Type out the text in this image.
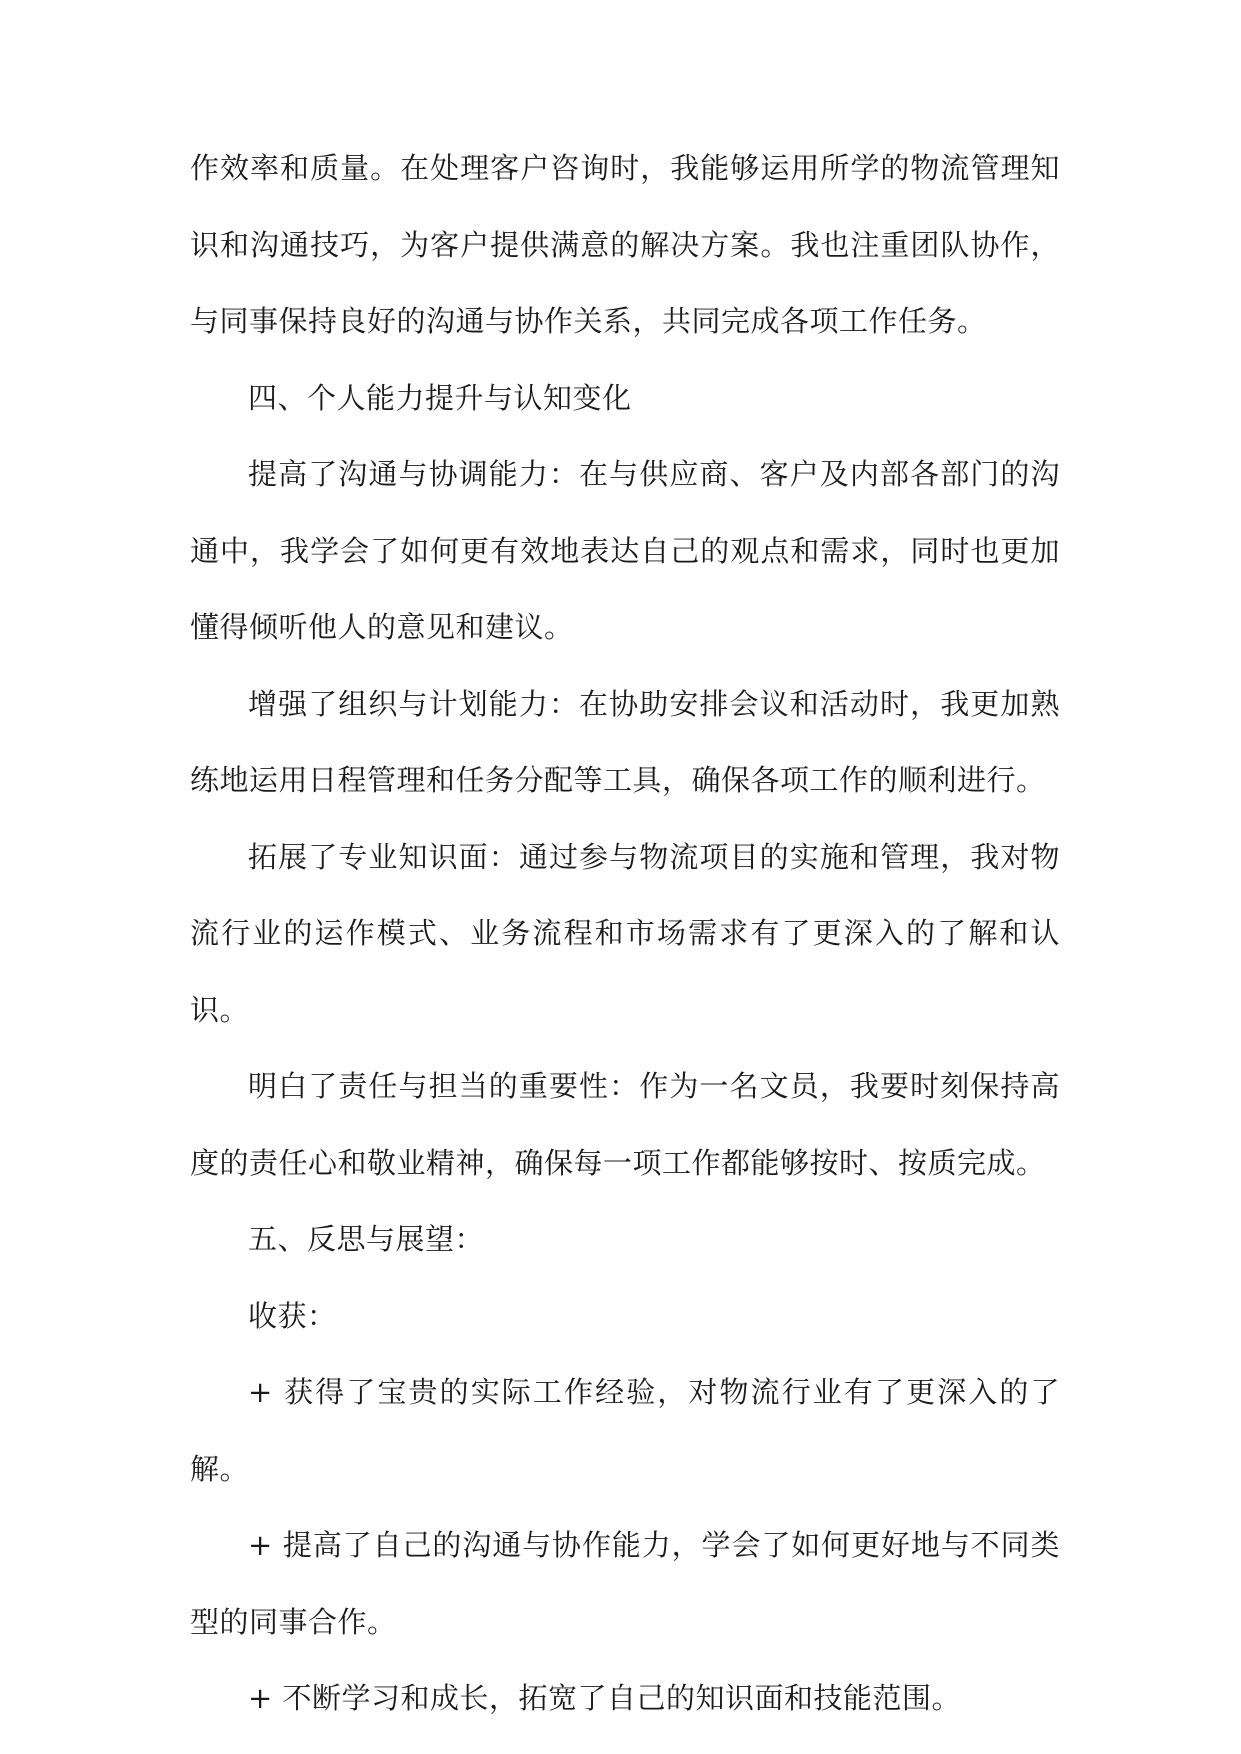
作效率和质量。在处理客户咨询时，我能够运用所学的物流管理知识和沟通技巧，为客户提供满意的解决方案。我也注重团队协作，与同事保持良好的沟通与协作关系，共同完成各项工作任务。

四、个人能力提升与认知变化

提高了沟通与协调能力：在与供应商、客户及内部各部门的沟通中，我学会了如何更有效地表达自己的观点和需求，同时也更加懂得倾听他人的意见和建议。

增强了组织与计划能力：在协助安排会议和活动时，我更加熟练地运用日程管理和任务分配等工具，确保各项工作的顺利进行。

拓展了专业知识面：通过参与物流项目的实施和管理，我对物流行业的运作模式、业务流程和市场需求有了更深入的了解和认识。

明白了责任与担当的重要性：作为一名文员，我要时刻保持高度的责任心和敬业精神，确保每一项工作都能够按时、按质完成。

五、反思与展望：

收获：

+ 获得了宝贵的实际工作经验，对物流行业有了更深入的了解。

+ 提高了自己的沟通与协作能力，学会了如何更好地与不同类型的同事合作。

+ 不断学习和成长，拓宽了自己的知识面和技能范围。
